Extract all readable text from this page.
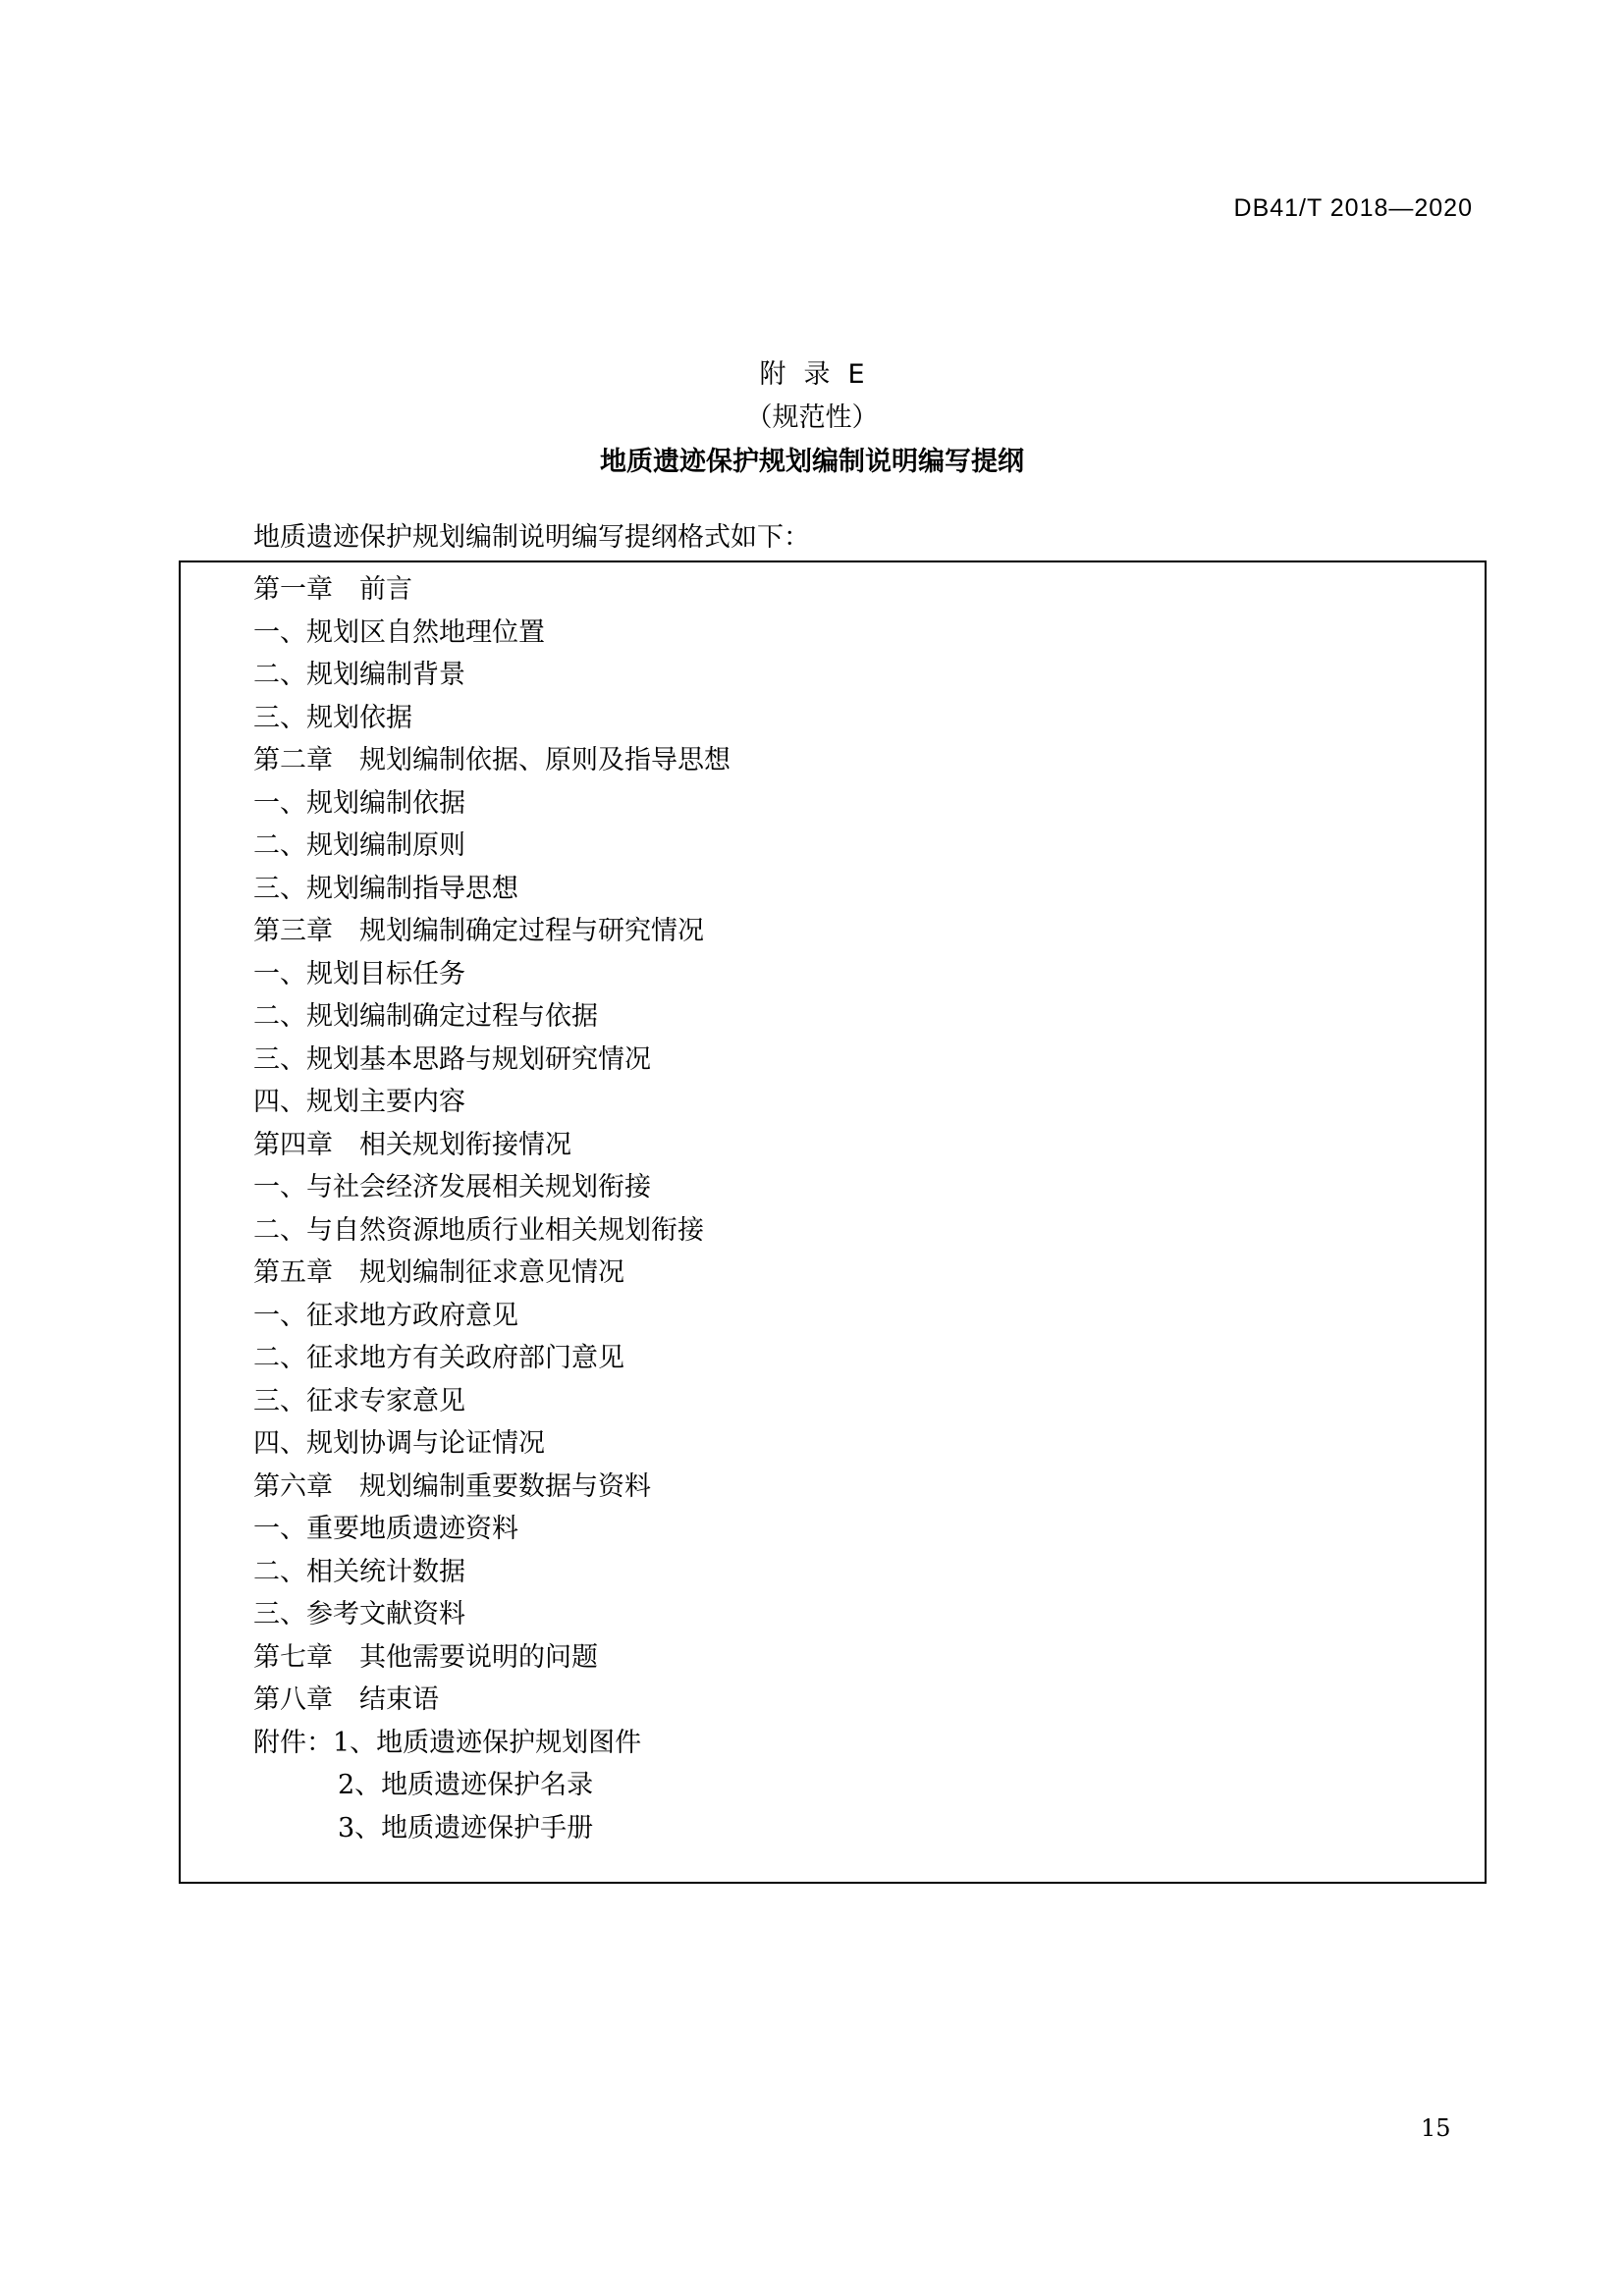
DB41/T 2018—2020
附录E
（规范性）
地质遗迹保护规划编制说明编写提纲
地质遗迹保护规划编制说明编写提纲格式如下：
第一章　前言
一、规划区自然地理位置
二、规划编制背景
三、规划依据
第二章　规划编制依据、原则及指导思想
一、规划编制依据
二、规划编制原则
三、规划编制指导思想
第三章　规划编制确定过程与研究情况
一、规划目标任务
二、规划编制确定过程与依据
三、规划基本思路与规划研究情况
四、规划主要内容
第四章　相关规划衔接情况
一、与社会经济发展相关规划衔接
二、与自然资源地质行业相关规划衔接
第五章　规划编制征求意见情况
一、征求地方政府意见
二、征求地方有关政府部门意见
三、征求专家意见
四、规划协调与论证情况
第六章　规划编制重要数据与资料
一、重要地质遗迹资料
二、相关统计数据
三、参考文献资料
第七章　其他需要说明的问题
第八章　结束语
附件：1、地质遗迹保护规划图件
2、地质遗迹保护名录
3、地质遗迹保护手册
15
